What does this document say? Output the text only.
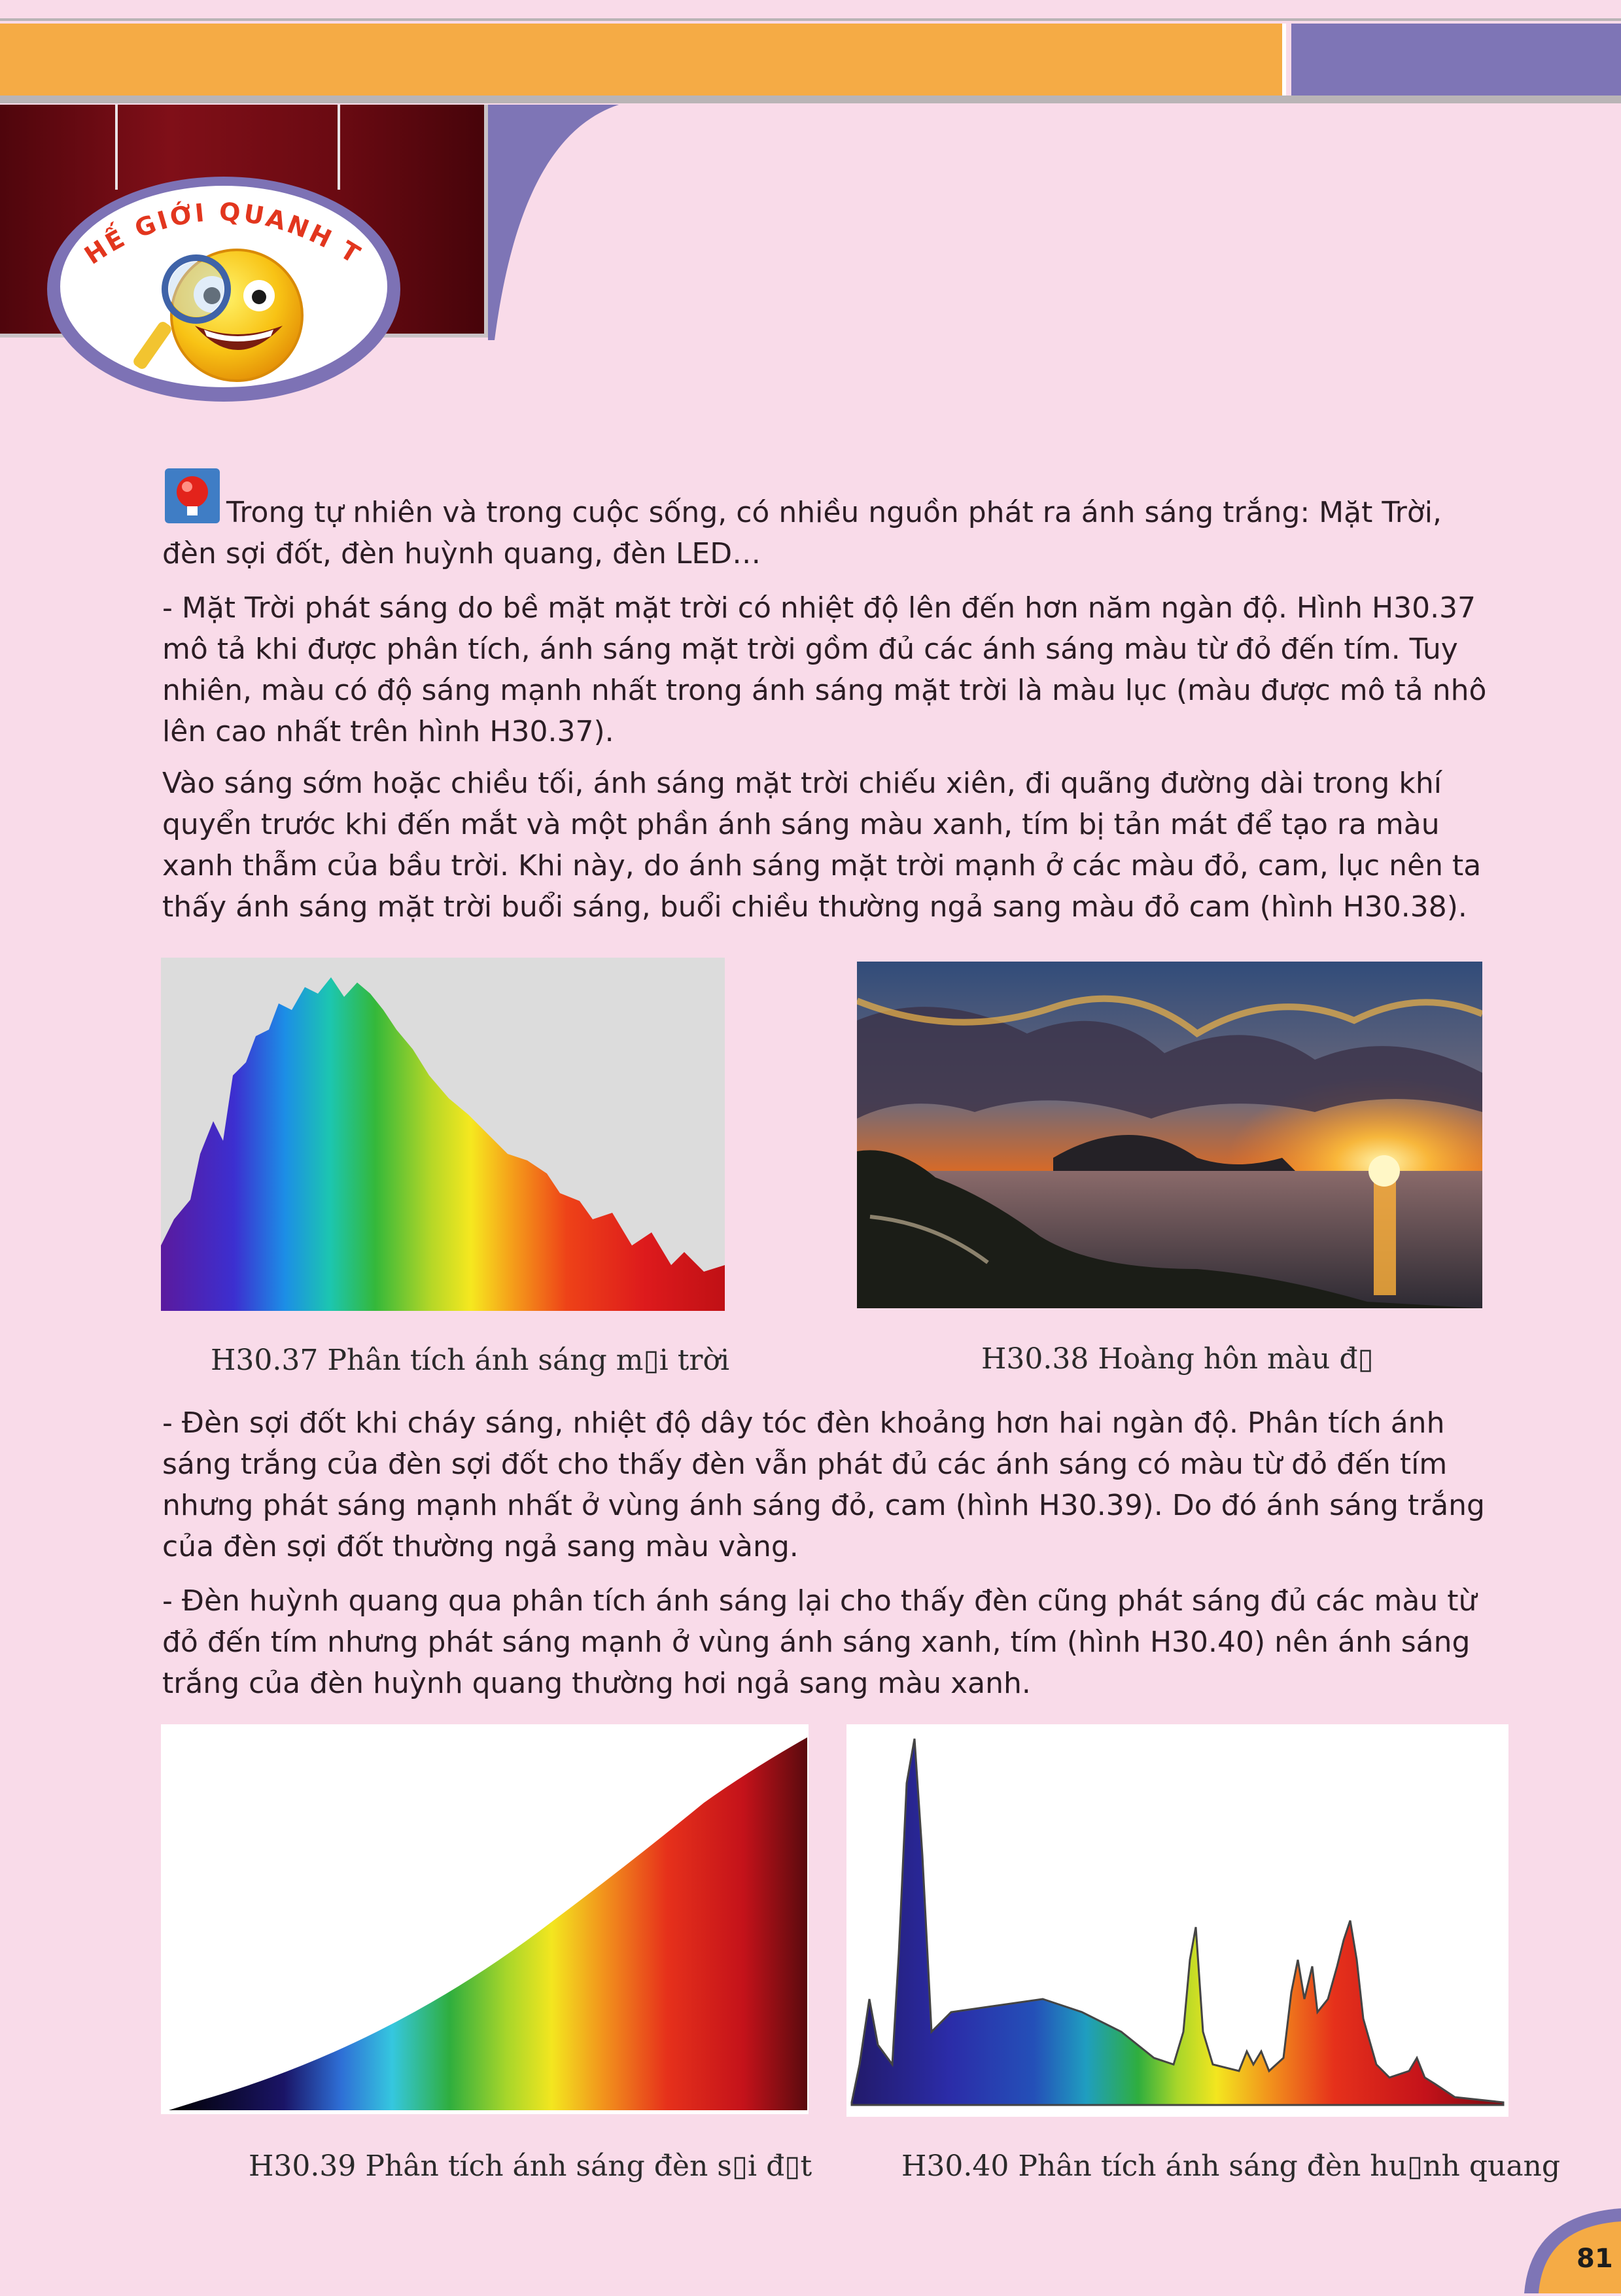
HẾ GIỚI QUANH T

Trong tự nhiên và trong cuộc sống, có nhiều nguồn phát ra ánh sáng trắng: Mặt Trời, đèn sợi đốt, đèn huỳnh quang, đèn LED…

- Mặt Trời phát sáng do bề mặt mặt trời có nhiệt độ lên đến hơn năm ngàn độ. Hình H30.37 mô tả khi được phân tích, ánh sáng mặt trời gồm đủ các ánh sáng màu từ đỏ đến tím. Tuy nhiên, màu có độ sáng mạnh nhất trong ánh sáng mặt trời là màu lục (màu được mô tả nhô lên cao nhất trên hình H30.37).

Vào sáng sớm hoặc chiều tối, ánh sáng mặt trời chiếu xiên, đi quãng đường dài trong khí quyển trước khi đến mắt và một phần ánh sáng màu xanh, tím bị tản mát để tạo ra màu xanh thẫm của bầu trời. Khi này, do ánh sáng mặt trời mạnh ở các màu đỏ, cam, lục nên ta thấy ánh sáng mặt trời buổi sáng, buổi chiều thường ngả sang màu đỏ cam (hình H30.38).

H30.37 Phân tích ánh sáng m▯i trời	H30.38 Hoàng hôn màu đ▯

- Đèn sợi đốt khi cháy sáng, nhiệt độ dây tóc đèn khoảng hơn hai ngàn độ. Phân tích ánh sáng trắng của đèn sợi đốt cho thấy đèn vẫn phát đủ các ánh sáng có màu từ đỏ đến tím nhưng phát sáng mạnh nhất ở vùng ánh sáng đỏ, cam (hình H30.39). Do đó ánh sáng trắng của đèn sợi đốt thường ngả sang màu vàng.

- Đèn huỳnh quang qua phân tích ánh sáng lại cho thấy đèn cũng phát sáng đủ các màu từ đỏ đến tím nhưng phát sáng mạnh ở vùng ánh sáng xanh, tím (hình H30.40) nên ánh sáng trắng của đèn huỳnh quang thường hơi ngả sang màu xanh.

H30.39 Phân tích ánh sáng đèn s▯i đ▯t	H30.40 Phân tích ánh sáng đèn hu▯nh quang
81
